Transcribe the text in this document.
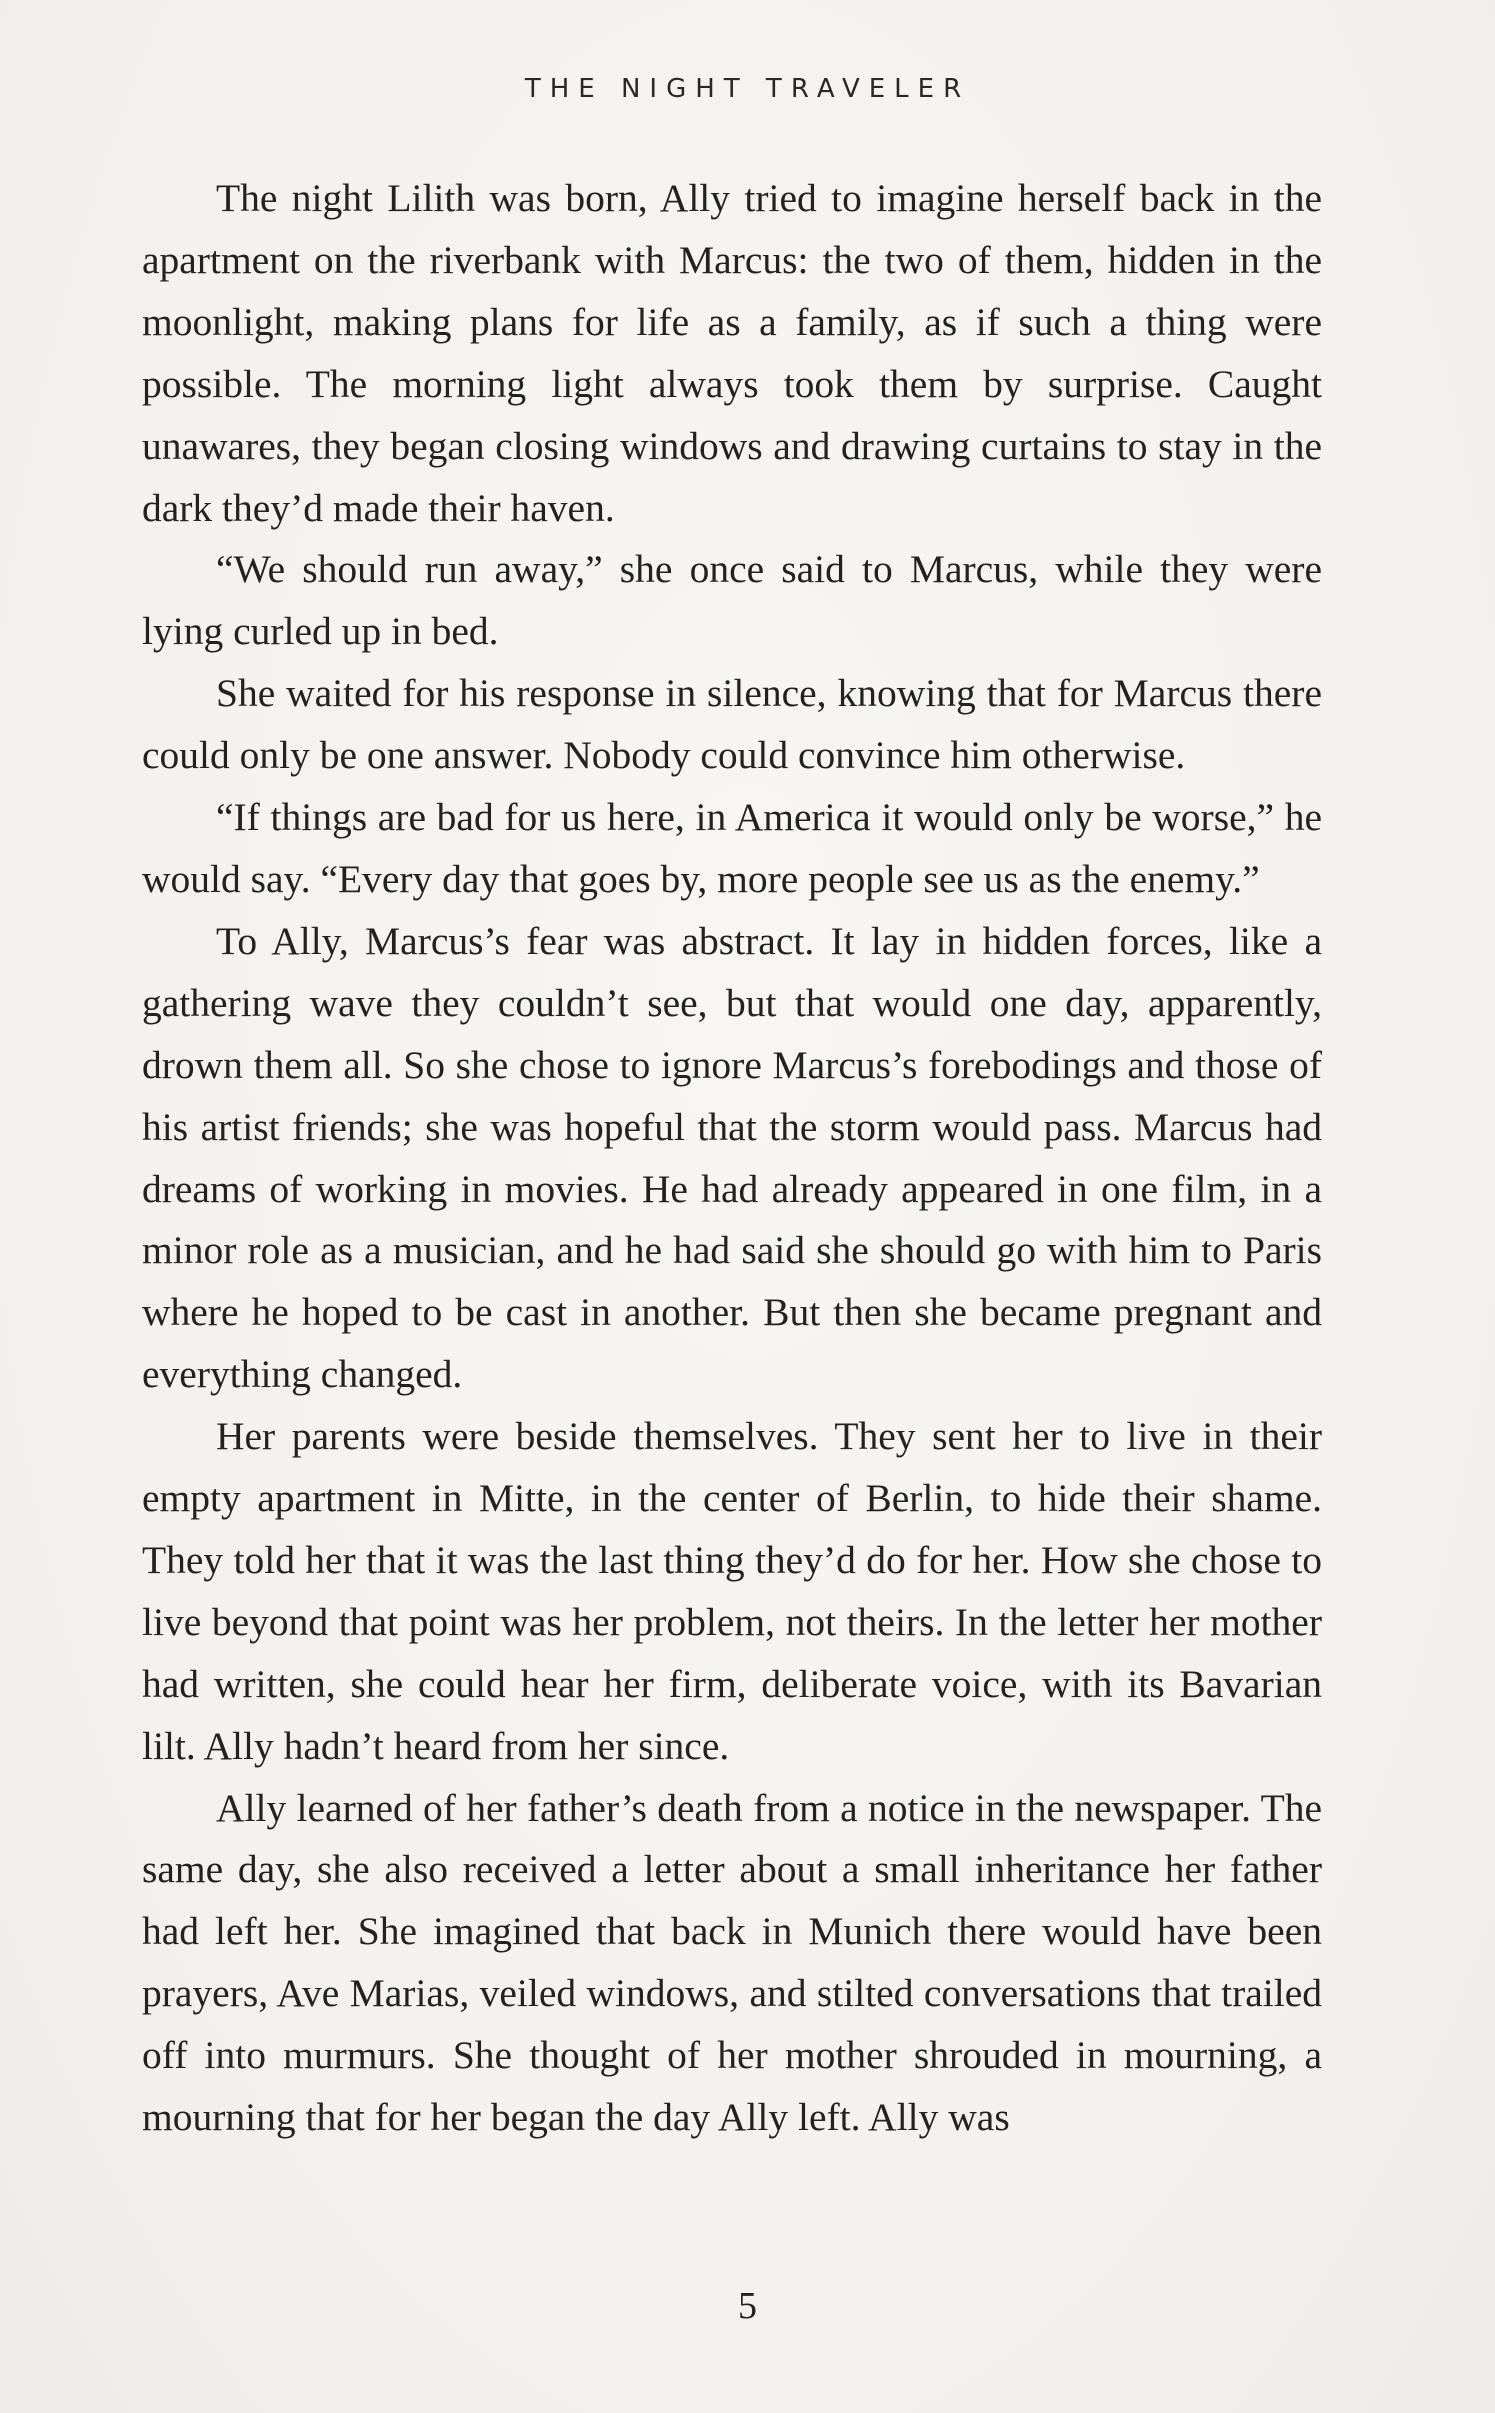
THE NIGHT TRAVELER

The night Lilith was born, Ally tried to imagine herself back in the apartment on the riverbank with Marcus: the two of them, hidden in the moonlight, making plans for life as a family, as if such a thing were possible. The morning light always took them by surprise. Caught unawares, they began closing windows and drawing curtains to stay in the dark they’d made their haven.

“We should run away,” she once said to Marcus, while they were lying curled up in bed.

She waited for his response in silence, knowing that for Marcus there could only be one answer. Nobody could convince him otherwise.

“If things are bad for us here, in America it would only be worse,” he would say. “Every day that goes by, more people see us as the enemy.”

To Ally, Marcus’s fear was abstract. It lay in hidden forces, like a gathering wave they couldn’t see, but that would one day, apparently, drown them all. So she chose to ignore Marcus’s forebodings and those of his artist friends; she was hopeful that the storm would pass. Marcus had dreams of working in movies. He had already appeared in one film, in a minor role as a musician, and he had said she should go with him to Paris where he hoped to be cast in another. But then she became pregnant and everything changed.

Her parents were beside themselves. They sent her to live in their empty apartment in Mitte, in the center of Berlin, to hide their shame. They told her that it was the last thing they’d do for her. How she chose to live beyond that point was her problem, not theirs. In the letter her mother had written, she could hear her firm, deliberate voice, with its Bavarian lilt. Ally hadn’t heard from her since.

Ally learned of her father’s death from a notice in the newspaper. The same day, she also received a letter about a small inheritance her father had left her. She imagined that back in Munich there would have been prayers, Ave Marias, veiled windows, and stilted conversations that trailed off into murmurs. She thought of her mother shrouded in mourning, a mourning that for her began the day Ally left. Ally was

5
